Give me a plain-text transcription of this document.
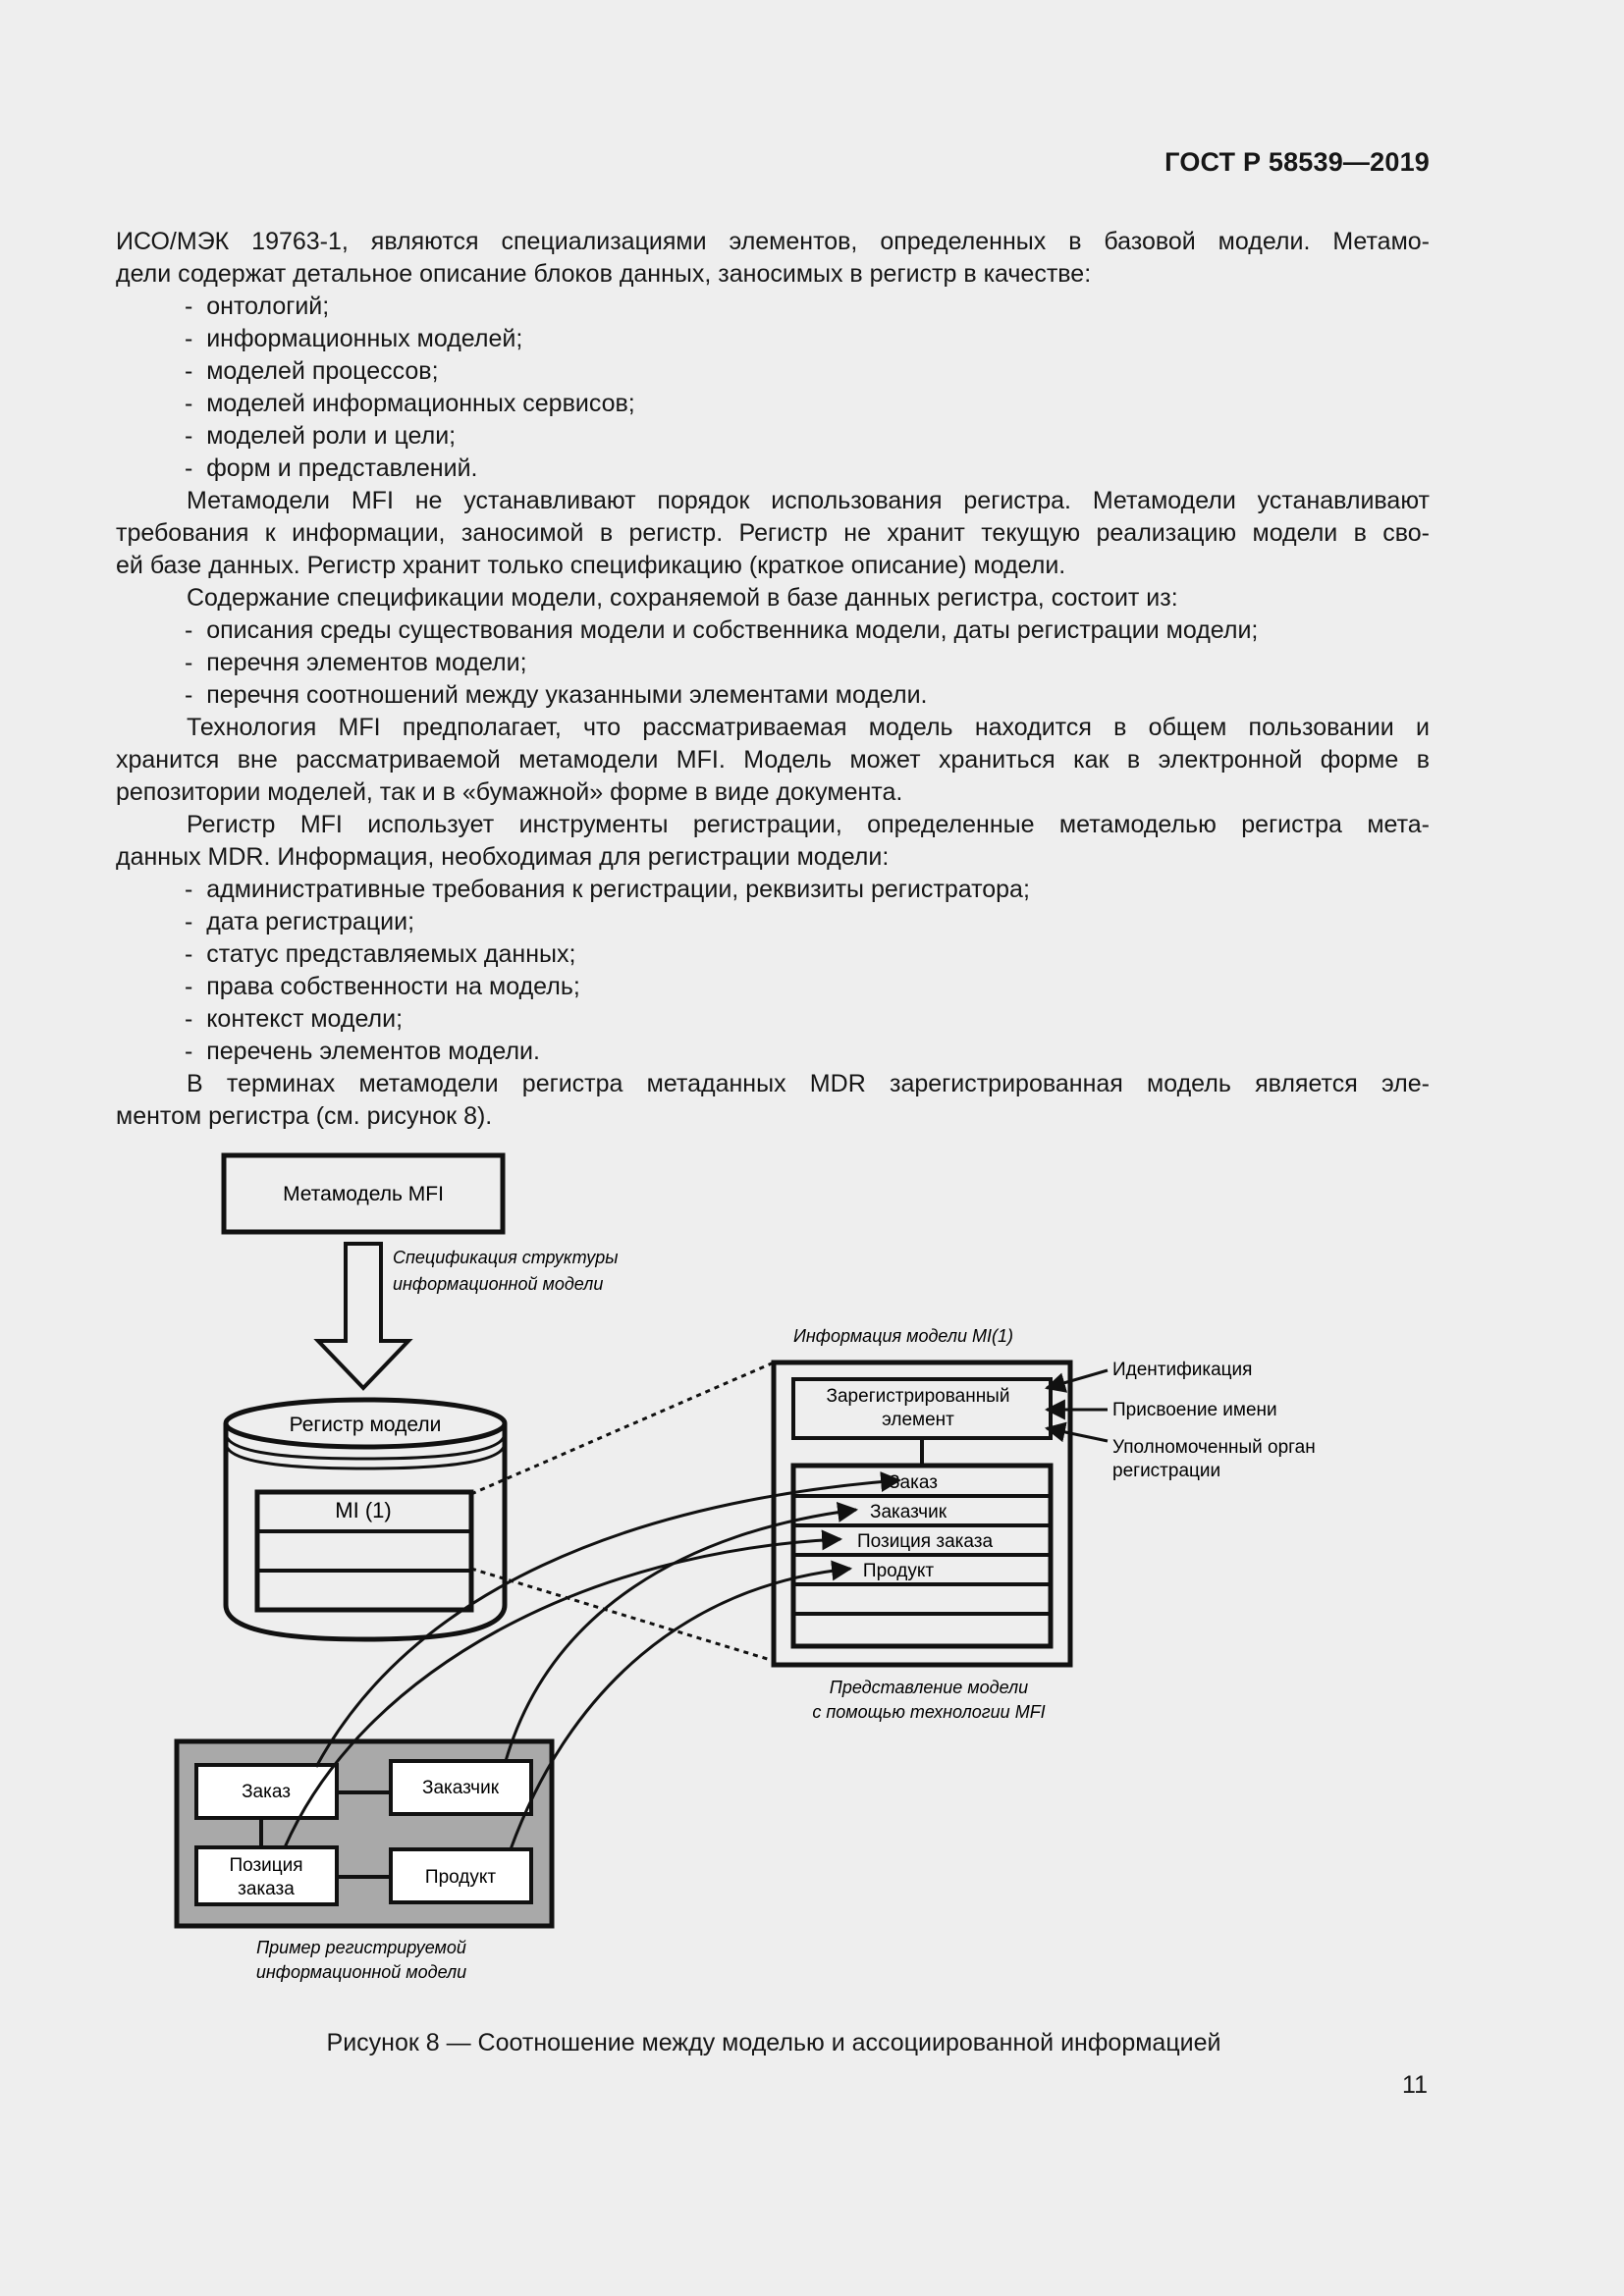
ГОСТ Р 58539—2019

ИСО/МЭК 19763-1, являются специализациями элементов, определенных в базовой модели. Метамо-

дели содержат детальное описание блоков данных, заносимых в регистр в качестве:

-  онтологий;

-  информационных моделей;

-  моделей процессов;

-  моделей информационных сервисов;

-  моделей роли и цели;

-  форм и представлений.

Метамодели MFI не устанавливают порядок использования регистра. Метамодели устанавливают

требования к информации, заносимой в регистр. Регистр не хранит текущую реализацию модели в сво-

ей базе данных. Регистр хранит только спецификацию (краткое описание) модели.

Содержание спецификации модели, сохраняемой в базе данных регистра, состоит из:

-  описания среды существования модели и собственника модели, даты регистрации модели;

-  перечня элементов модели;

-  перечня соотношений между указанными элементами модели.

Технология MFI предполагает, что рассматриваемая модель находится в общем пользовании и

хранится вне рассматриваемой метамодели MFI. Модель может храниться как в электронной форме в

репозитории моделей, так и в «бумажной» форме в виде документа.

Регистр MFI использует инструменты регистрации, определенные метамоделью регистра мета-

данных MDR. Информация, необходимая для регистрации модели:

-  административные требования к регистрации, реквизиты регистратора;

-  дата регистрации;

-  статус представляемых данных;

-  права собственности на модель;

-  контекст модели;

-  перечень элементов модели.

В терминах метамодели регистра метаданных MDR зарегистрированная модель является эле-

ментом регистра (см. рисунок 8).

Метамодель MFI
Спецификация структуры
информационной модели
Регистр модели
MI (1)
Информация модели MI(1)
Зарегистрированный
элемент
Заказ
Заказчик
Позиция заказа
Продукт
Представление модели
с помощью технологии MFI
Идентификация
Присвоение имени
Уполномоченный орган
регистрации
Заказ	Заказчик
Позиция
заказа
Продукт
Пример регистрируемой
информационной модели
Рисунок 8 — Соотношение между моделью и ассоциированной информацией
11
